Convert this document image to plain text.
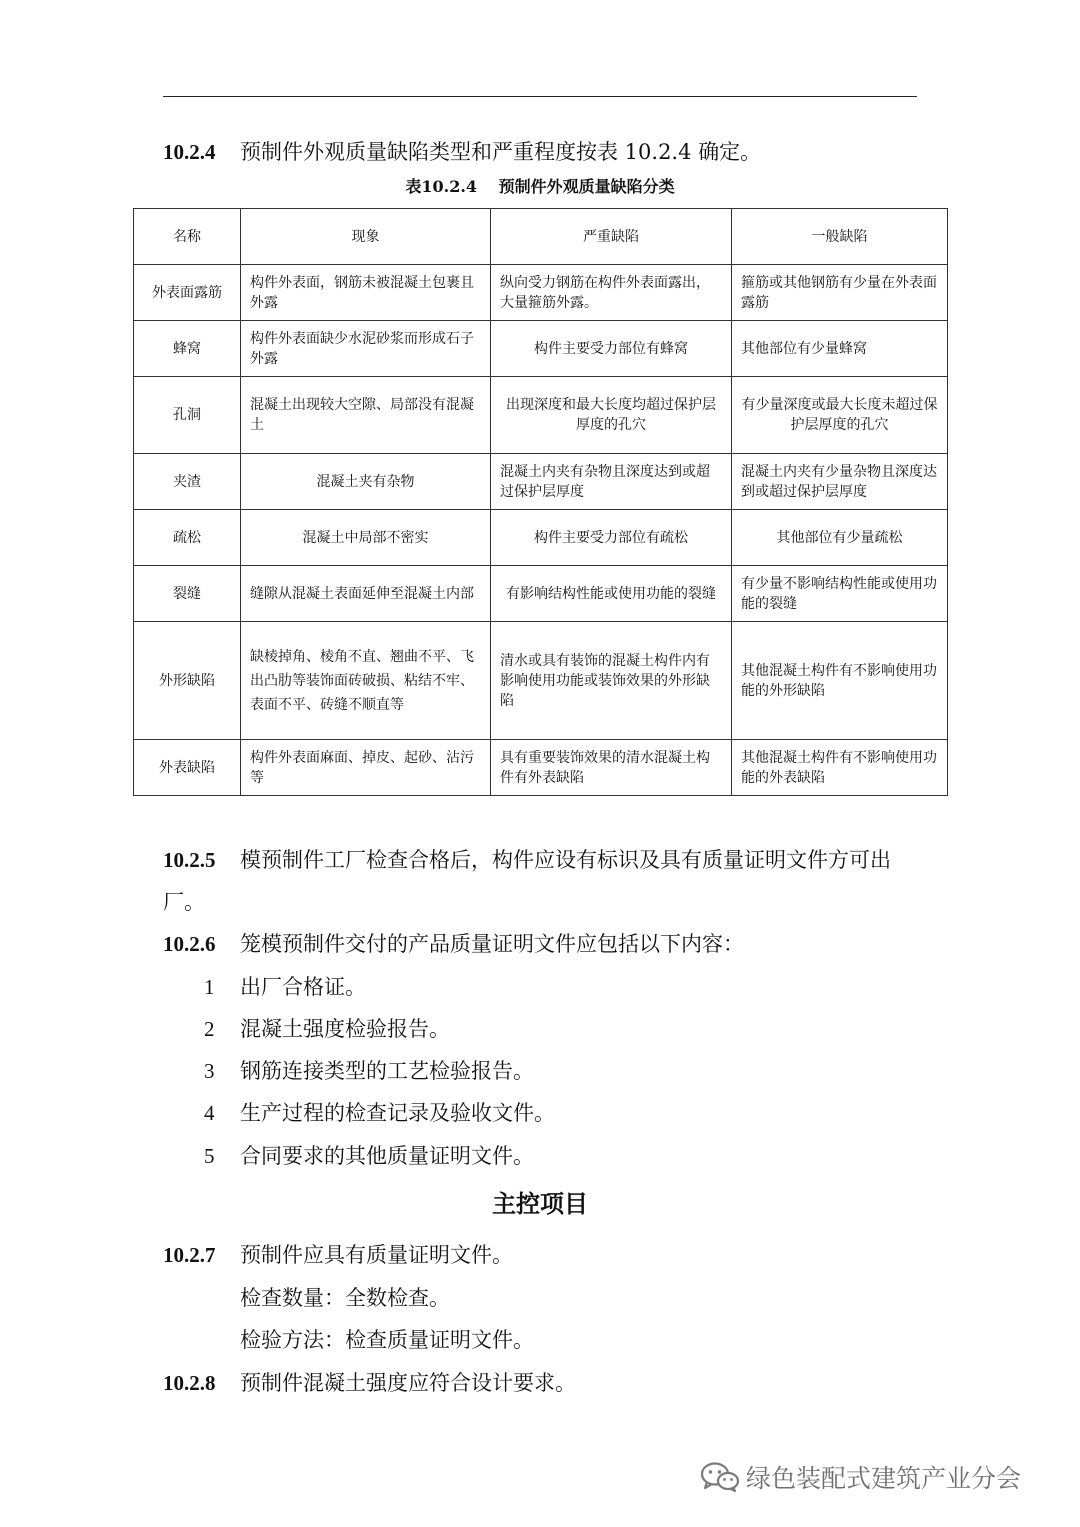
10.2.4 预制件外观质量缺陷类型和严重程度按表 10.2.4 确定。
表10.2.4　 预制件外观质量缺陷分类
名称	现象	严重缺陷	一般缺陷
外表面露筋	构件外表面，钢筋未被混凝土包裹且外露	纵向受力钢筋在构件外表面露出，大量箍筋外露。	箍筋或其他钢筋有少量在外表面露筋
蜂窝	构件外表面缺少水泥砂浆而形成石子外露	构件主要受力部位有蜂窝	其他部位有少量蜂窝
孔洞	混凝土出现较大空隙、局部没有混凝土	出现深度和最大长度均超过保护层厚度的孔穴	有少量深度或最大长度未超过保护层厚度的孔穴
夹渣	混凝土夹有杂物	混凝土内夹有杂物且深度达到或超过保护层厚度	混凝土内夹有少量杂物且深度达到或超过保护层厚度
疏松	混凝土中局部不密实	构件主要受力部位有疏松	其他部位有少量疏松
裂缝	缝隙从混凝土表面延伸至混凝土内部	有影响结构性能或使用功能的裂缝	有少量不影响结构性能或使用功能的裂缝
外形缺陷	缺棱掉角、棱角不直、翘曲不平、飞出凸肋等装饰面砖破损、粘结不牢、表面不平、砖缝不顺直等	清水或具有装饰的混凝土构件内有影响使用功能或装饰效果的外形缺陷	其他混凝土构件有不影响使用功能的外形缺陷
外表缺陷	构件外表面麻面、掉皮、起砂、沾污等	具有重要装饰效果的清水混凝土构件有外表缺陷	其他混凝土构件有不影响使用功能的外表缺陷
10.2.5 模预制件工厂检查合格后，构件应设有标识及具有质量证明文件方可出
厂。
10.2.6 笼模预制件交付的产品质量证明文件应包括以下内容：
1 出厂合格证。
2 混凝土强度检验报告。
3 钢筋连接类型的工艺检验报告。
4 生产过程的检查记录及验收文件。
5 合同要求的其他质量证明文件。
主控项目
10.2.7 预制件应具有质量证明文件。
检查数量：全数检查。
检验方法：检查质量证明文件。
10.2.8 预制件混凝土强度应符合设计要求。
绿色装配式建筑产业分会
